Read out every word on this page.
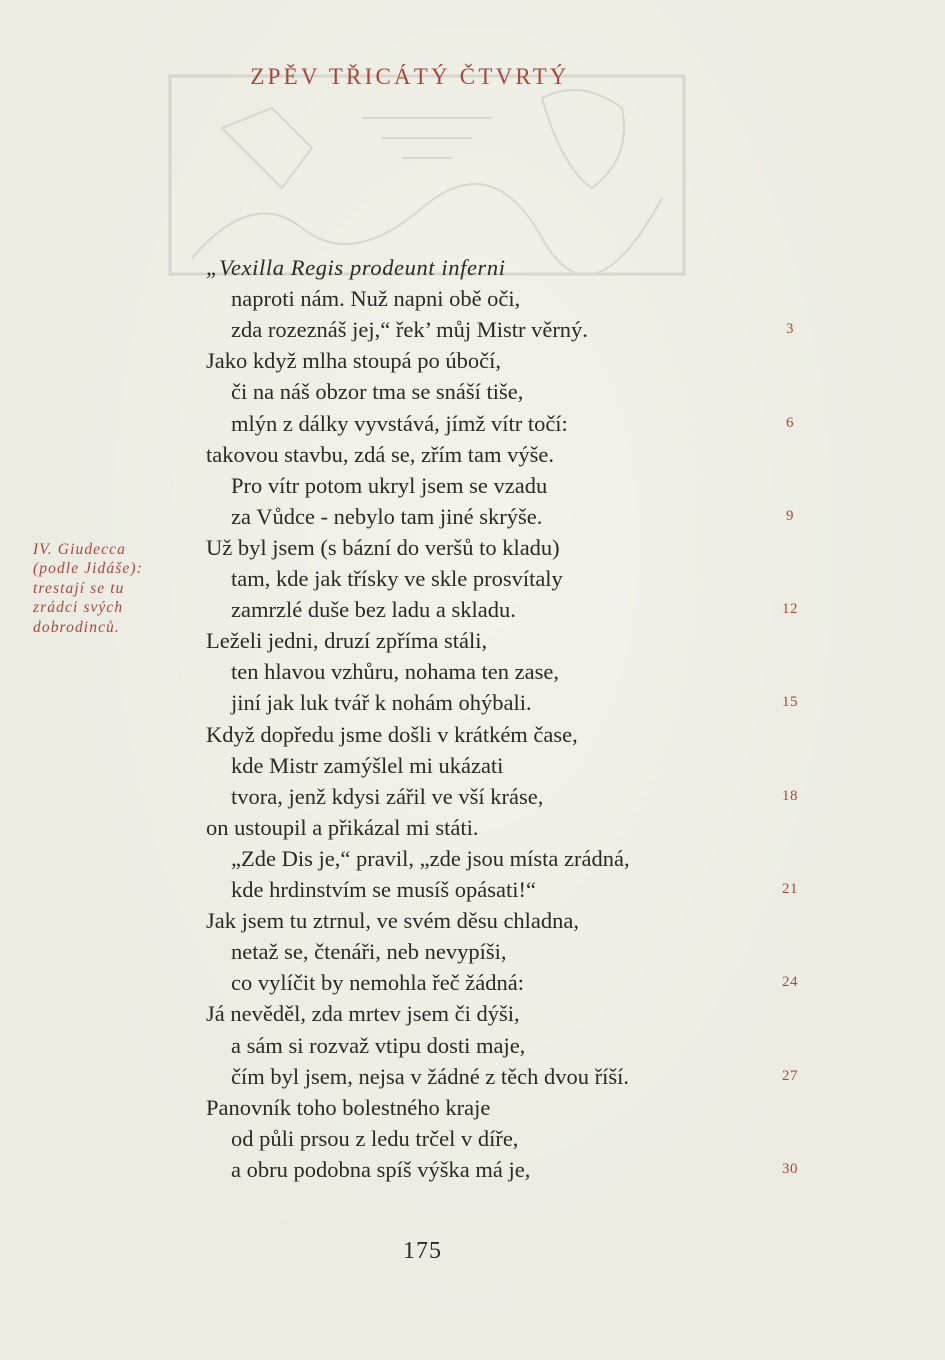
ZPĚV TŘICÁTÝ ČTVRTÝ
IV. Giudecca
(podle Jidáše):
trestají se tu
zrádci svých
dobrodinců.
„Vexilla Regis prodeunt inferni
naproti nám. Nuž napni obě oči,
zda rozeznáš jej,“ řek’ můj Mistr věrný.	3
Jako když mlha stoupá po úbočí,
či na náš obzor tma se snáší tiše,
mlýn z dálky vyvstává, jímž vítr točí:	6
takovou stavbu, zdá se, zřím tam výše.
Pro vítr potom ukryl jsem se vzadu
za Vůdce - nebylo tam jiné skrýše.	9
Už byl jsem (s bázní do veršů to kladu)
tam, kde jak třísky ve skle prosvítaly
zamrzlé duše bez ladu a skladu.	12
Leželi jedni, druzí zpříma stáli,
ten hlavou vzhůru, nohama ten zase,
jiní jak luk tvář k nohám ohýbali.	15
Když dopředu jsme došli v krátkém čase,
kde Mistr zamýšlel mi ukázati
tvora, jenž kdysi zářil ve vší kráse,	18
on ustoupil a přikázal mi státi.
„Zde Dis je,“ pravil, „zde jsou místa zrádná,
kde hrdinstvím se musíš opásati!“	21
Jak jsem tu ztrnul, ve svém děsu chladna,
netaž se, čtenáři, neb nevypíši,
co vylíčit by nemohla řeč žádná:	24
Já nevěděl, zda mrtev jsem či dýši,
a sám si rozvaž vtipu dosti maje,
čím byl jsem, nejsa v žádné z těch dvou říší.	27
Panovník toho bolestného kraje
od půli prsou z ledu trčel v díře,
a obru podobna spíš výška má je,	30
175
